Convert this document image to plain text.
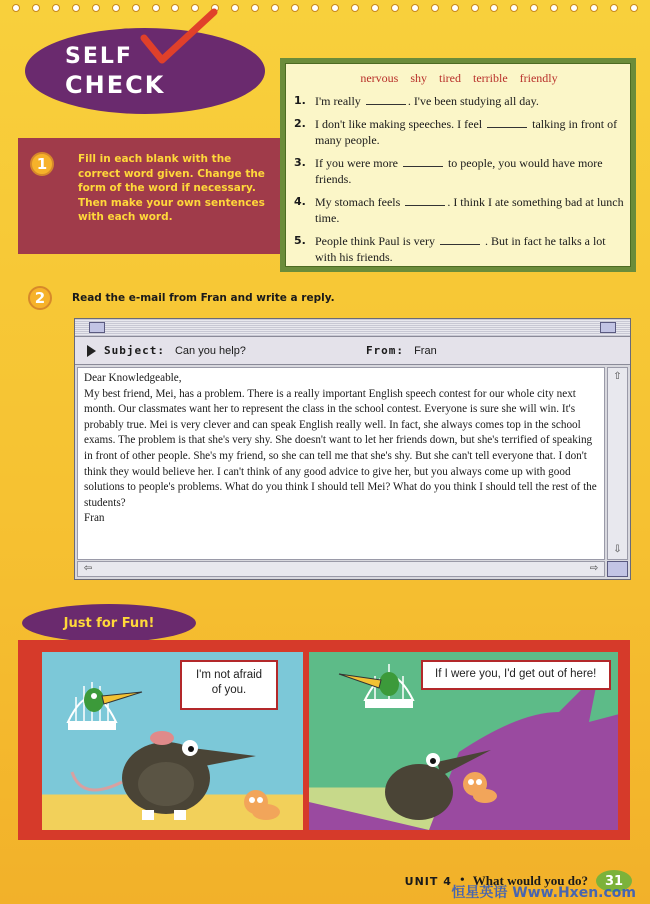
SELF
CHECK
1	Fill in each blank with the correct word given. Change the form of the word if necessary. Then make your own sentences with each word.
nervous shy tired terrible friendly
1. I'm really	. I've been studying all day.
2. I don't like making speeches. I feel	talking in front of many people.
3. If you were more	to people, you would have more friends.
4. My stomach feels	. I think I ate something bad at lunch time.
5. People think Paul is very	. But in fact he talks a lot with his friends.
2	Read the e-mail from Fran and write a reply.
Subject: Can you help?	From: Fran

Dear Knowledgeable,

My best friend, Mei, has a problem. There is a really important English speech contest for our whole city next month. Our classmates want her to represent the class in the school contest. Everyone is sure she will win. It's probably true. Mei is very clever and can speak English really well. In fact, she always comes top in the school exams. The problem is that she's very shy. She doesn't want to let her friends down, but she's terrified of speaking in front of other people. She's my friend, so she can tell me that she's shy. But she can't tell everyone that. I don't think they would believe her. I can't think of any good advice to give her, but you always come up with good solutions to people's problems. What do you think I should tell Mei? What do you think I should tell the rest of the students?

Fran

⇧
⇩
⇦	⇨
Just for Fun!
I'm not afraid of you.
If I were you, I'd get out of here!
UNIT 4 • What would you do?	31
恒星英语 Www.Hxen.com
